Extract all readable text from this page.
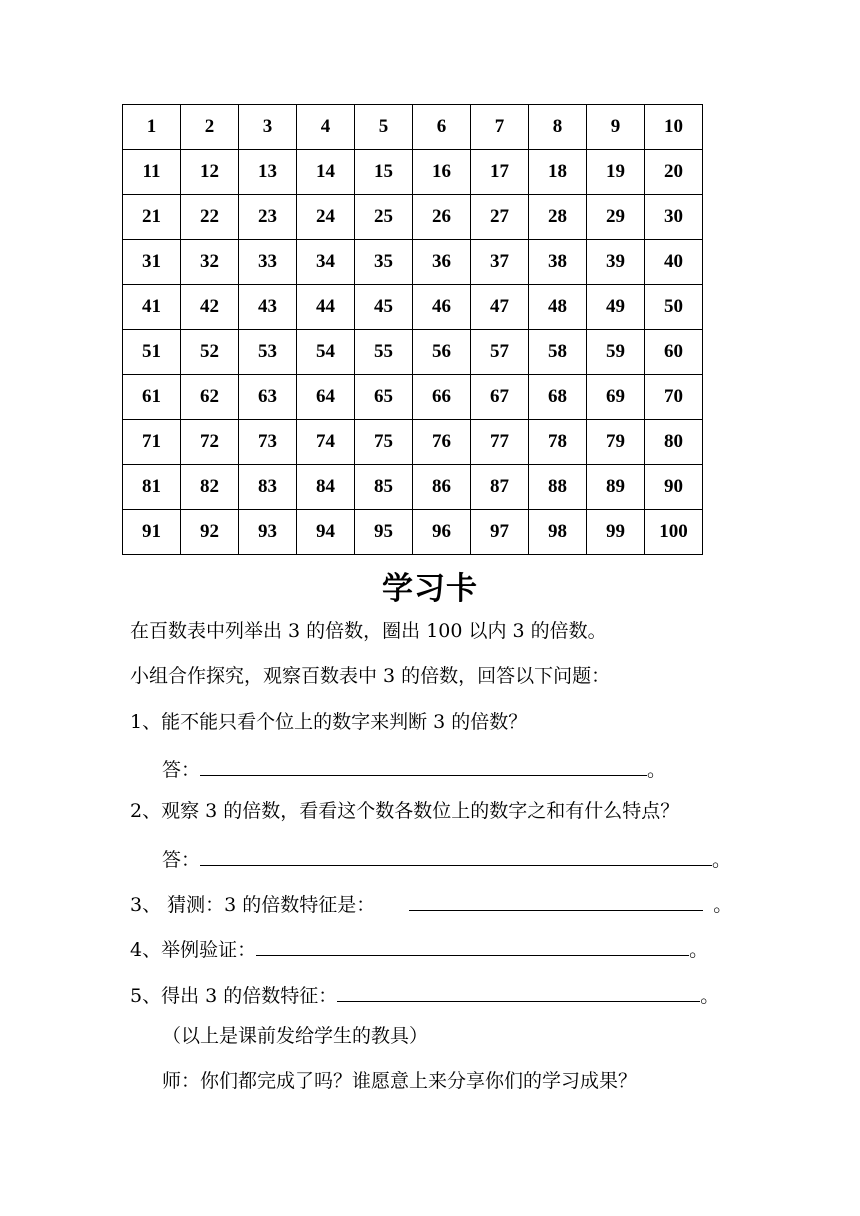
1	2	3	4	5	6	7	8	9	10
11	12	13	14	15	16	17	18	19	20
21	22	23	24	25	26	27	28	29	30
31	32	33	34	35	36	37	38	39	40
41	42	43	44	45	46	47	48	49	50
51	52	53	54	55	56	57	58	59	60
61	62	63	64	65	66	67	68	69	70
71	72	73	74	75	76	77	78	79	80
81	82	83	84	85	86	87	88	89	90
91	92	93	94	95	96	97	98	99	100
学习卡
在百数表中列举出 3 的倍数，圈出 100 以内 3 的倍数。
小组合作探究，观察百数表中 3 的倍数，回答以下问题：
1、能不能只看个位上的数字来判断 3 的倍数？
答：	。
2、观察 3 的倍数，看看这个数各数位上的数字之和有什么特点？
答：	。
3、 猜测：3 的倍数特征是：	。
4、举例验证：	。
5、得出 3 的倍数特征：	。
（以上是课前发给学生的教具）
师：你们都完成了吗？谁愿意上来分享你们的学习成果？
